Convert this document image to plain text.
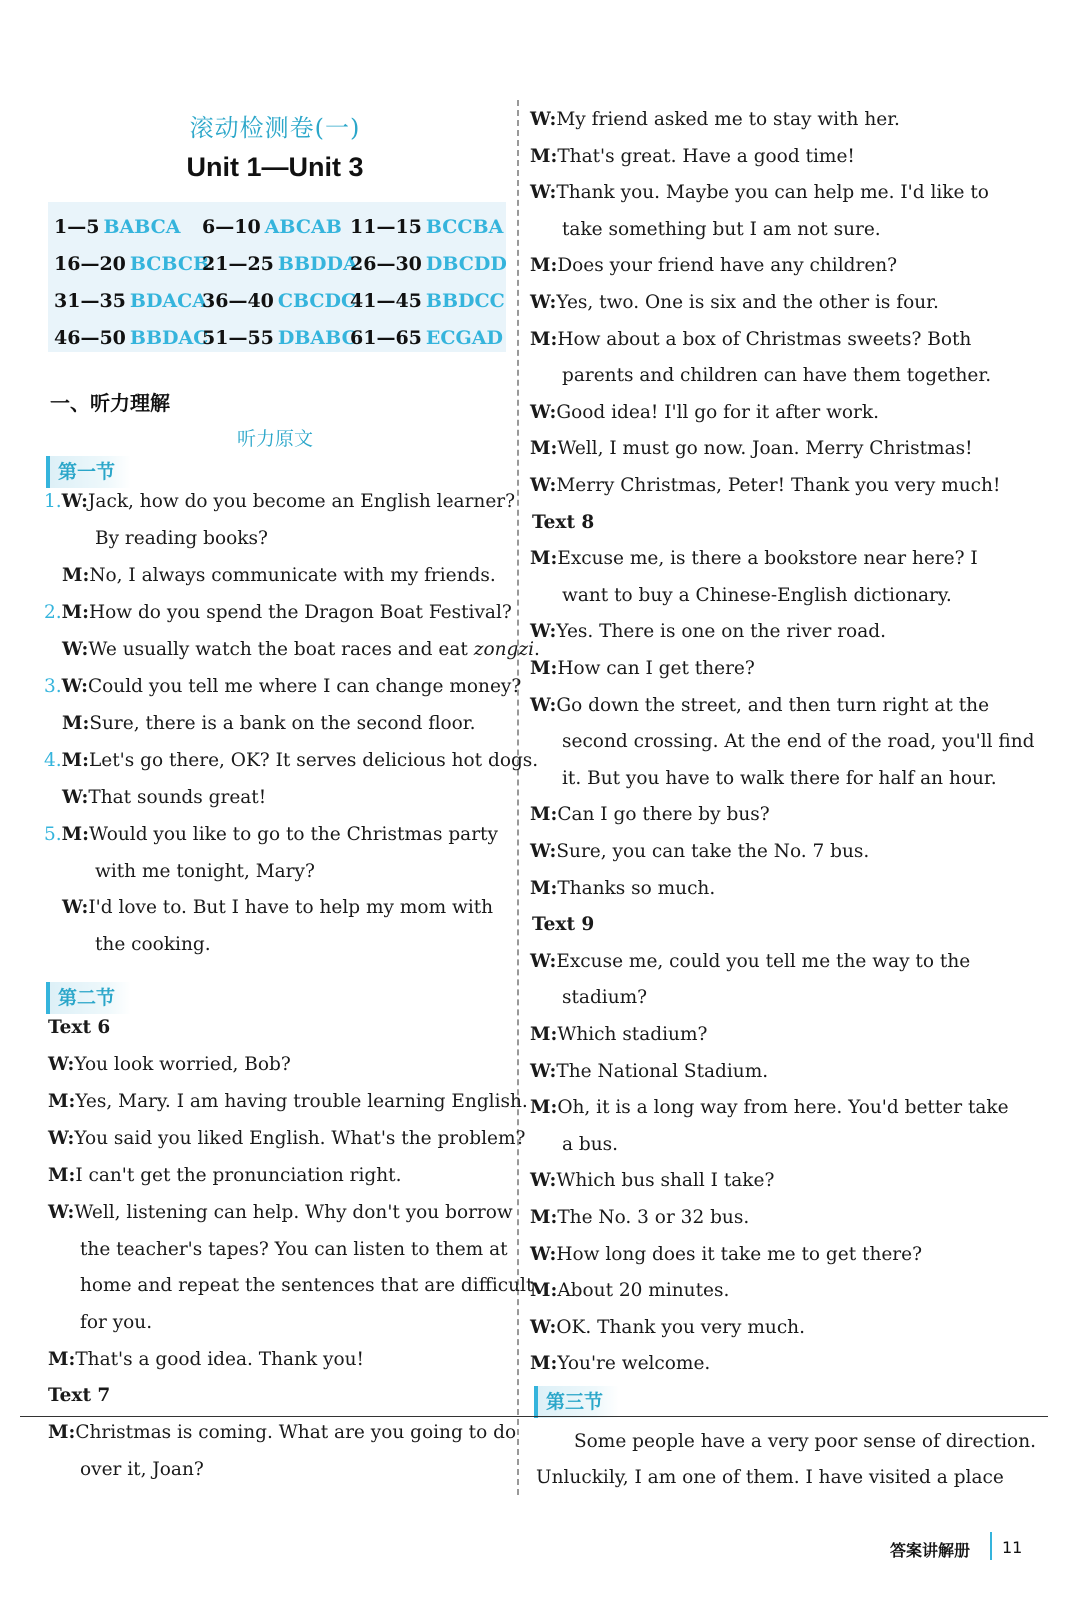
滚动检测卷(一)
Unit 1—Unit 3
1—5 BABCA	6—10 ABCAB 11—15 BCCBA
16—20 BCBCB
21—25 BBDDA
26—30 DBCDD
31—35 BDACA
36—40 CBCDC
41—45 BBDCC
46—50 BBDAC
51—55 DBABC
61—65 ECGAD
一、听力理解
听力原文
第一节
第二节
第三节
1.W:Jack, how do you become an English learner?
By reading books?
M:No, I always communicate with my friends.
2.M:How do you spend the Dragon Boat Festival?
W:We usually watch the boat races and eat zongzi.
3.W:Could you tell me where I can change money?
M:Sure, there is a bank on the second floor.
4.M:Let's go there, OK? It serves delicious hot dogs.
W:That sounds great!
5.M:Would you like to go to the Christmas party
with me tonight, Mary?
W:I'd love to. But I have to help my mom with
the cooking.
Text 6
W:You look worried, Bob?
M:Yes, Mary. I am having trouble learning English.
W:You said you liked English. What's the problem?
M:I can't get the pronunciation right.
W:Well, listening can help. Why don't you borrow
the teacher's tapes? You can listen to them at
home and repeat the sentences that are difficult
for you.
M:That's a good idea. Thank you!
Text 7
M:Christmas is coming. What are you going to do
over it, Joan?
W:My friend asked me to stay with her.
M:That's great. Have a good time!
W:Thank you. Maybe you can help me. I'd like to
take something but I am not sure.
M:Does your friend have any children?
W:Yes, two. One is six and the other is four.
M:How about a box of Christmas sweets? Both
parents and children can have them together.
W:Good idea! I'll go for it after work.
M:Well, I must go now. Joan. Merry Christmas!
W:Merry Christmas, Peter! Thank you very much!
Text 8
M:Excuse me, is there a bookstore near here? I
want to buy a Chinese-English dictionary.
W:Yes. There is one on the river road.
M:How can I get there?
W:Go down the street, and then turn right at the
second crossing. At the end of the road, you'll find
it. But you have to walk there for half an hour.
M:Can I go there by bus?
W:Sure, you can take the No. 7 bus.
M:Thanks so much.
Text 9
W:Excuse me, could you tell me the way to the
stadium?
M:Which stadium?
W:The National Stadium.
M:Oh, it is a long way from here. You'd better take
a bus.
W:Which bus shall I take?
M:The No. 3 or 32 bus.
W:How long does it take me to get there?
M:About 20 minutes.
W:OK. Thank you very much.
M:You're welcome.
Some people have a very poor sense of direction.
Unluckily, I am one of them. I have visited a place
答案讲解册 11
